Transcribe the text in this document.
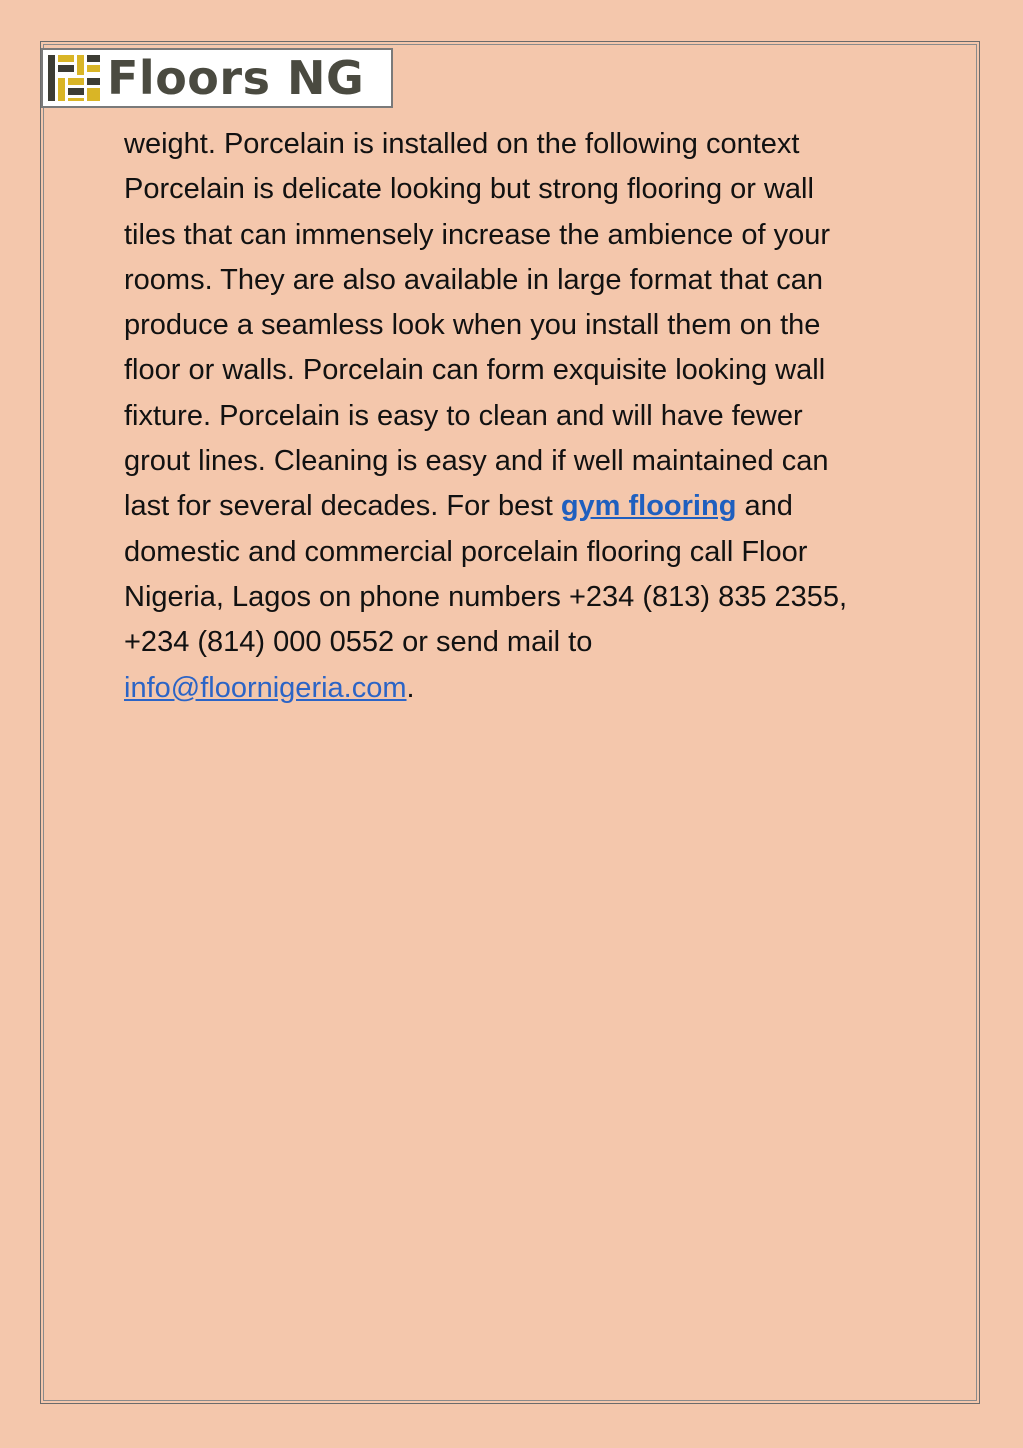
Floors NG

weight. Porcelain is installed on the following context
Porcelain is delicate looking but strong flooring or wall
tiles that can immensely increase the ambience of your
rooms. They are also available in large format that can
produce a seamless look when you install them on the
floor or walls. Porcelain can form exquisite looking wall
fixture. Porcelain is easy to clean and will have fewer
grout lines. Cleaning is easy and if well maintained can
last for several decades. For best gym flooring and
domestic and commercial porcelain flooring call Floor
Nigeria, Lagos on phone numbers +234 (813) 835 2355,
+234 (814) 000 0552 or send mail to
info@floornigeria.com.
